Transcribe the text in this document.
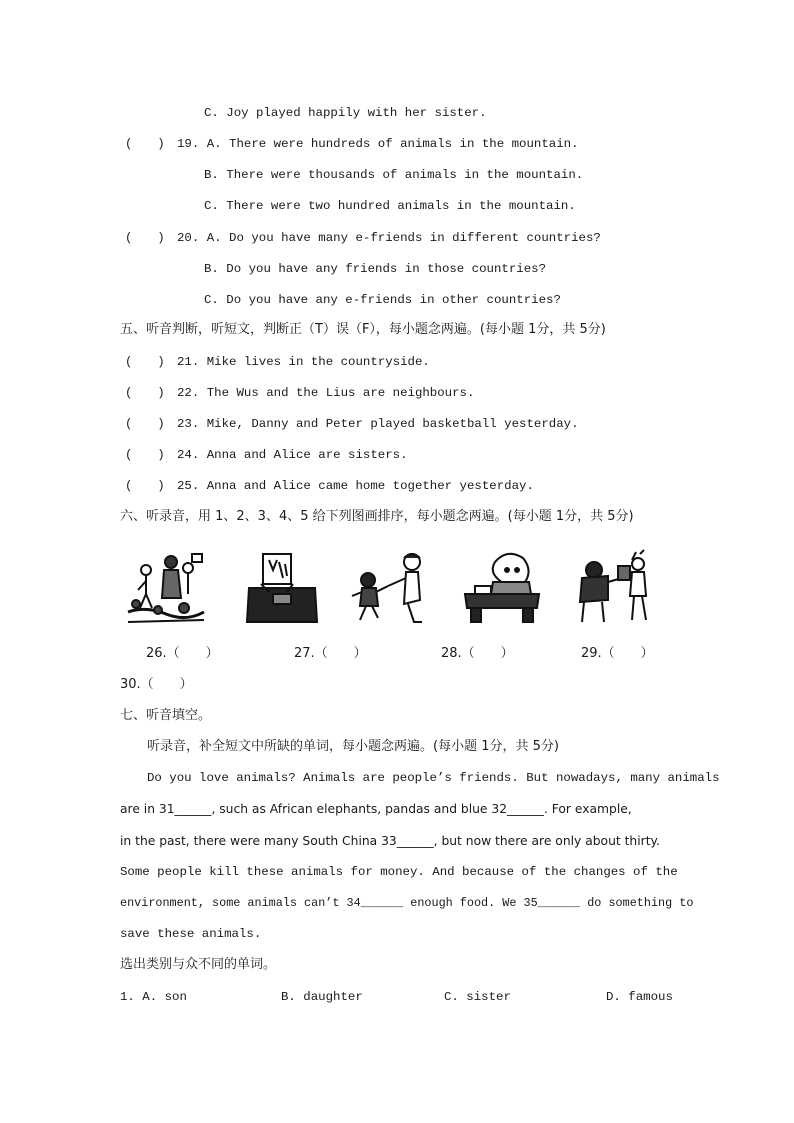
C. Joy played happily with her sister.
(　　) 19. A. There were hundreds of animals in the mountain.
B. There were thousands of animals in the mountain.
C. There were two hundred animals in the mountain.
(　　) 20. A. Do you have many e-friends in different countries?
B. Do you have any friends in those countries?
C. Do you have any e-friends in other countries?
五、听音判断，听短文，判断正（T）误（F），每小题念两遍。(每小题 1分，共 5分)
(　　) 21. Mike lives in the countryside.
(　　) 22. The Wus and the Lius are neighbours.
(　　) 23. Mike, Danny and Peter played basketball yesterday.
(　　) 24. Anna and Alice are sisters.
(　　) 25. Anna and Alice came home together yesterday.
六、听录音，用 1、2、3、4、5 给下列图画排序，每小题念两遍。(每小题 1分，共 5分)
26.（　　）	27.（　　）	28.（　　）	29.（　　）
30.（　　）
七、听音填空。
听录音，补全短文中所缺的单词，每小题念两遍。(每小题 1分，共 5分)
Do you love animals? Animals are people’s friends. But nowadays, many animals
are in 31______, such as African elephants, pandas and blue 32______. For example,
in the past, there were many South China 33______, but now there are only about thirty.
Some people kill these animals for money. And because of the changes of the
environment, some animals can’t 34______ enough food. We 35______ do something to
save these animals.
选出类别与众不同的单词。
1. A. son	B. daughter	C. sister	D. famous
